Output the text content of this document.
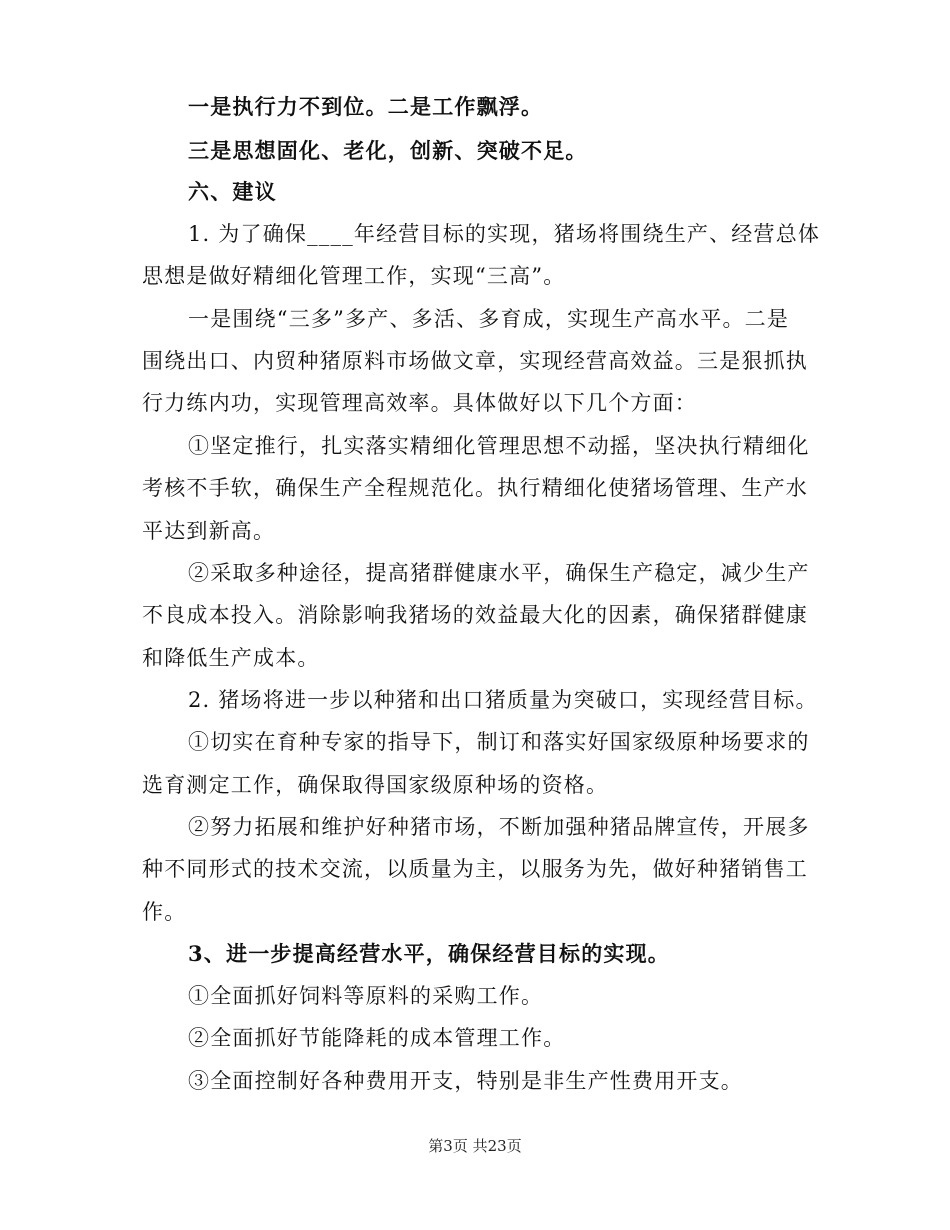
一是执行力不到位。二是工作飘浮。
三是思想固化、老化，创新、突破不足。
六、建议
1. 为了确保____年经营目标的实现，猪场将围绕生产、经营总体
思想是做好精细化管理工作，实现“三高”。
一是围绕“三多”多产、多活、多育成，实现生产高水平。二是
围绕出口、内贸种猪原料市场做文章，实现经营高效益。三是狠抓执
行力练内功，实现管理高效率。具体做好以下几个方面：
①坚定推行，扎实落实精细化管理思想不动摇，坚决执行精细化
考核不手软，确保生产全程规范化。执行精细化使猪场管理、生产水
平达到新高。
②采取多种途径，提高猪群健康水平，确保生产稳定，减少生产
不良成本投入。消除影响我猪场的效益最大化的因素，确保猪群健康
和降低生产成本。
2. 猪场将进一步以种猪和出口猪质量为突破口，实现经营目标。
①切实在育种专家的指导下，制订和落实好国家级原种场要求的
选育测定工作，确保取得国家级原种场的资格。
②努力拓展和维护好种猪市场，不断加强种猪品牌宣传，开展多
种不同形式的技术交流，以质量为主，以服务为先，做好种猪销售工
作。
3、进一步提高经营水平，确保经营目标的实现。
①全面抓好饲料等原料的采购工作。
②全面抓好节能降耗的成本管理工作。
③全面控制好各种费用开支，特别是非生产性费用开支。
第3页 共23页
